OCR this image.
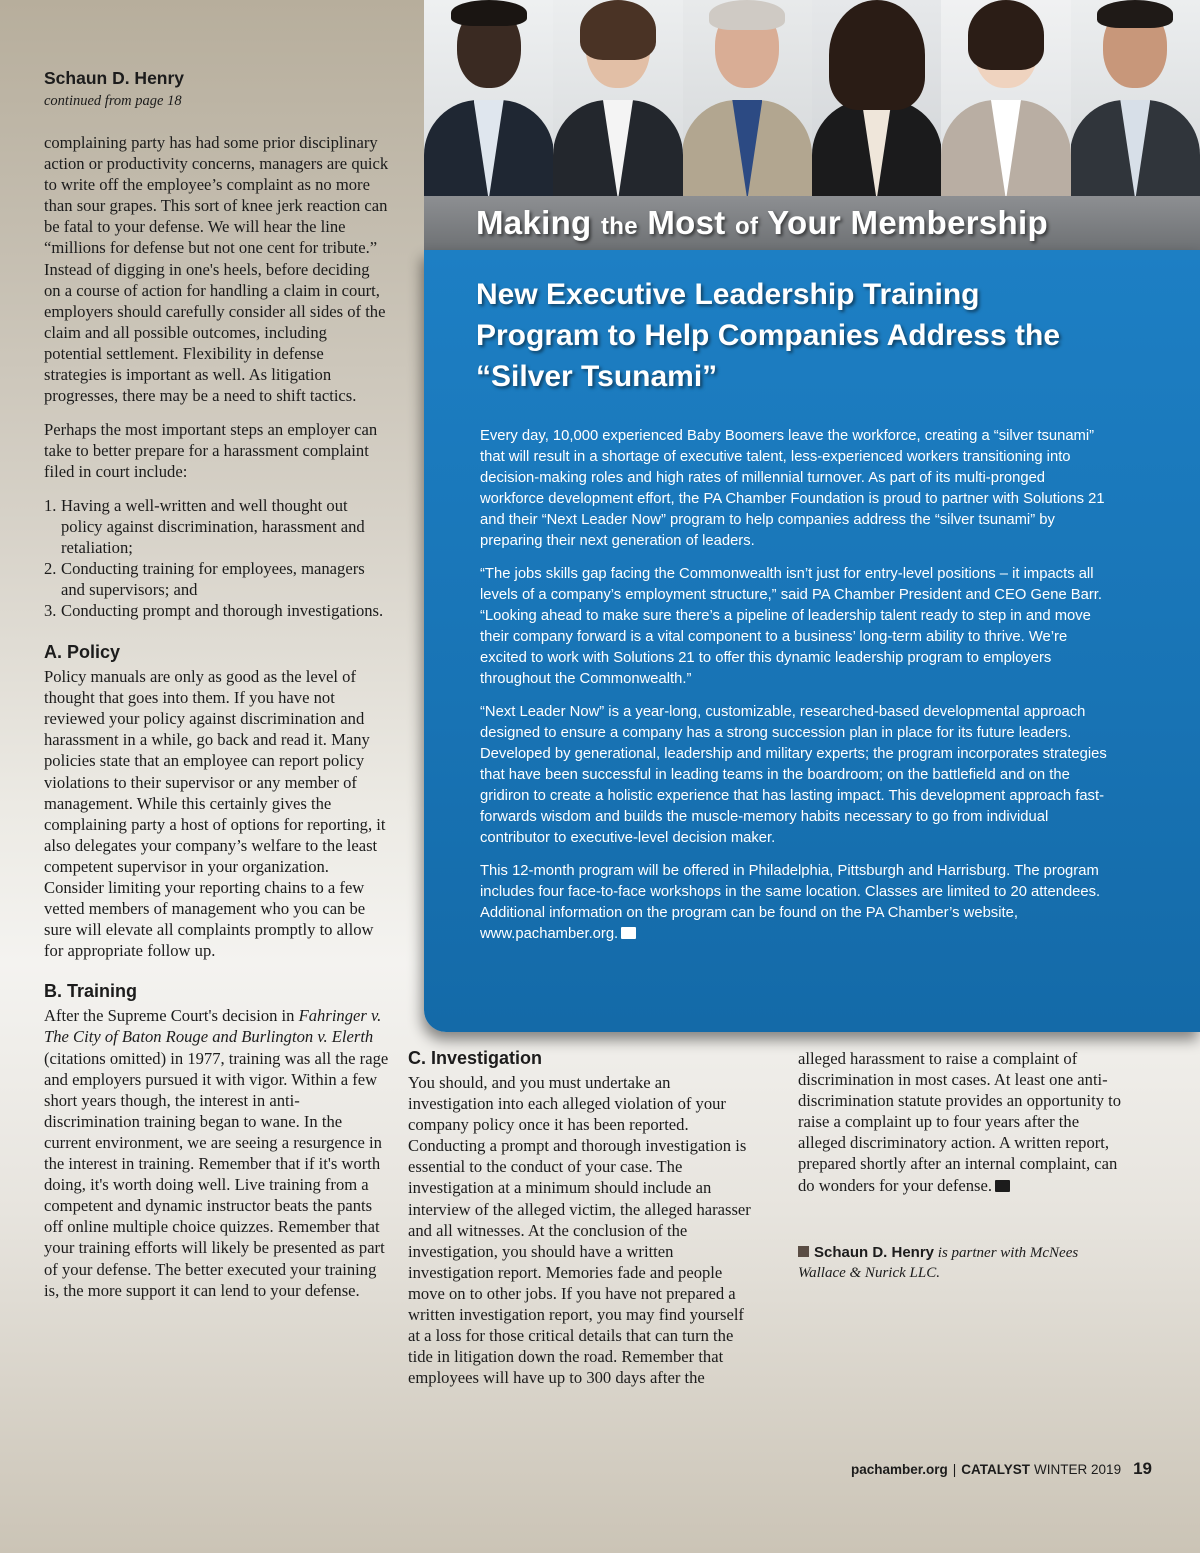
Schaun D. Henry

continued from page 18

complaining party has had some prior disciplinary action or productivity concerns, managers are quick to write off the employee’s complaint as no more than sour grapes. This sort of knee jerk reaction can be fatal to your defense. We will hear the line “millions for defense but not one cent for tribute.” Instead of digging in one's heels, before deciding on a course of action for handling a claim in court, employers should carefully consider all sides of the claim and all possible outcomes, including potential settlement. Flexibility in defense strategies is important as well. As litigation progresses, there may be a need to shift tactics.

Perhaps the most important steps an employer can take to better prepare for a harassment complaint filed in court include:

1. Having a well-written and well thought out policy against discrimination, harassment and retaliation;
2. Conducting training for employees, managers and supervisors; and
3. Conducting prompt and thorough investigations.
A. Policy

Policy manuals are only as good as the level of thought that goes into them. If you have not reviewed your policy against discrimination and harassment in a while, go back and read it. Many policies state that an employee can report policy violations to their supervisor or any member of management. While this certainly gives the complaining party a host of options for reporting, it also delegates your company’s welfare to the least competent supervisor in your organization. Consider limiting your reporting chains to a few vetted members of management who you can be sure will elevate all complaints promptly to allow for appropriate follow up.

B. Training

After the Supreme Court's decision in Fahringer v. The City of Baton Rouge and Burlington v. Elerth (citations omitted) in 1977, training was all the rage and employers pursued it with vigor. Within a few short years though, the interest in anti-discrimination training began to wane. In the current environment, we are seeing a resurgence in the interest in training. Remember that if it's worth doing, it's worth doing well. Live training from a competent and dynamic instructor beats the pants off online multiple choice quizzes. Remember that your training efforts will likely be presented as part of your defense. The better executed your training is, the more support it can lend to your defense.

Making the Most of Your Membership
New Executive Leadership Training Program to Help Companies Address the “Silver Tsunami”

Every day, 10,000 experienced Baby Boomers leave the workforce, creating a “silver tsunami” that will result in a shortage of executive talent, less-experienced workers transitioning into decision-making roles and high rates of millennial turnover. As part of its multi-pronged workforce development effort, the PA Chamber Foundation is proud to partner with Solutions 21 and their “Next Leader Now” program to help companies address the “silver tsunami” by preparing their next generation of leaders.

“The jobs skills gap facing the Commonwealth isn’t just for entry-level positions – it impacts all levels of a company’s employment structure,” said PA Chamber President and CEO Gene Barr. “Looking ahead to make sure there’s a pipeline of leadership talent ready to step in and move their company forward is a vital component to a business’ long-term ability to thrive. We’re excited to work with Solutions 21 to offer this dynamic leadership program to employers throughout the Commonwealth.”

“Next Leader Now” is a year-long, customizable, researched-based developmental approach designed to ensure a company has a strong succession plan in place for its future leaders. Developed by generational, leadership and military experts; the program incorporates strategies that have been successful in leading teams in the boardroom; on the battlefield and on the gridiron to create a holistic experience that has lasting impact. This development approach fast-forwards wisdom and builds the muscle-memory habits necessary to go from individual contributor to executive-level decision maker.

This 12-month program will be offered in Philadelphia, Pittsburgh and Harrisburg. The program includes four face-to-face workshops in the same location. Classes are limited to 20 attendees. Additional information on the program can be found on the PA Chamber’s website, www.pachamber.org.

C. Investigation

You should, and you must undertake an investigation into each alleged violation of your company policy once it has been reported. Conducting a prompt and thorough investigation is essential to the conduct of your case. The investigation at a minimum should include an interview of the alleged victim, the alleged harasser and all witnesses. At the conclusion of the investigation, you should have a written investigation report. Memories fade and people move on to other jobs. If you have not prepared a written investigation report, you may find yourself at a loss for those critical details that can turn the tide in litigation down the road. Remember that employees will have up to 300 days after the

alleged harassment to raise a complaint of discrimination in most cases. At least one anti-discrimination statute provides an opportunity to raise a complaint up to four years after the alleged discriminatory action. A written report, prepared shortly after an internal complaint, can do wonders for your defense.

Schaun D. Henry is partner with McNees Wallace & Nurick LLC.

pachamber.org | CATALYST WINTER 2019 19
